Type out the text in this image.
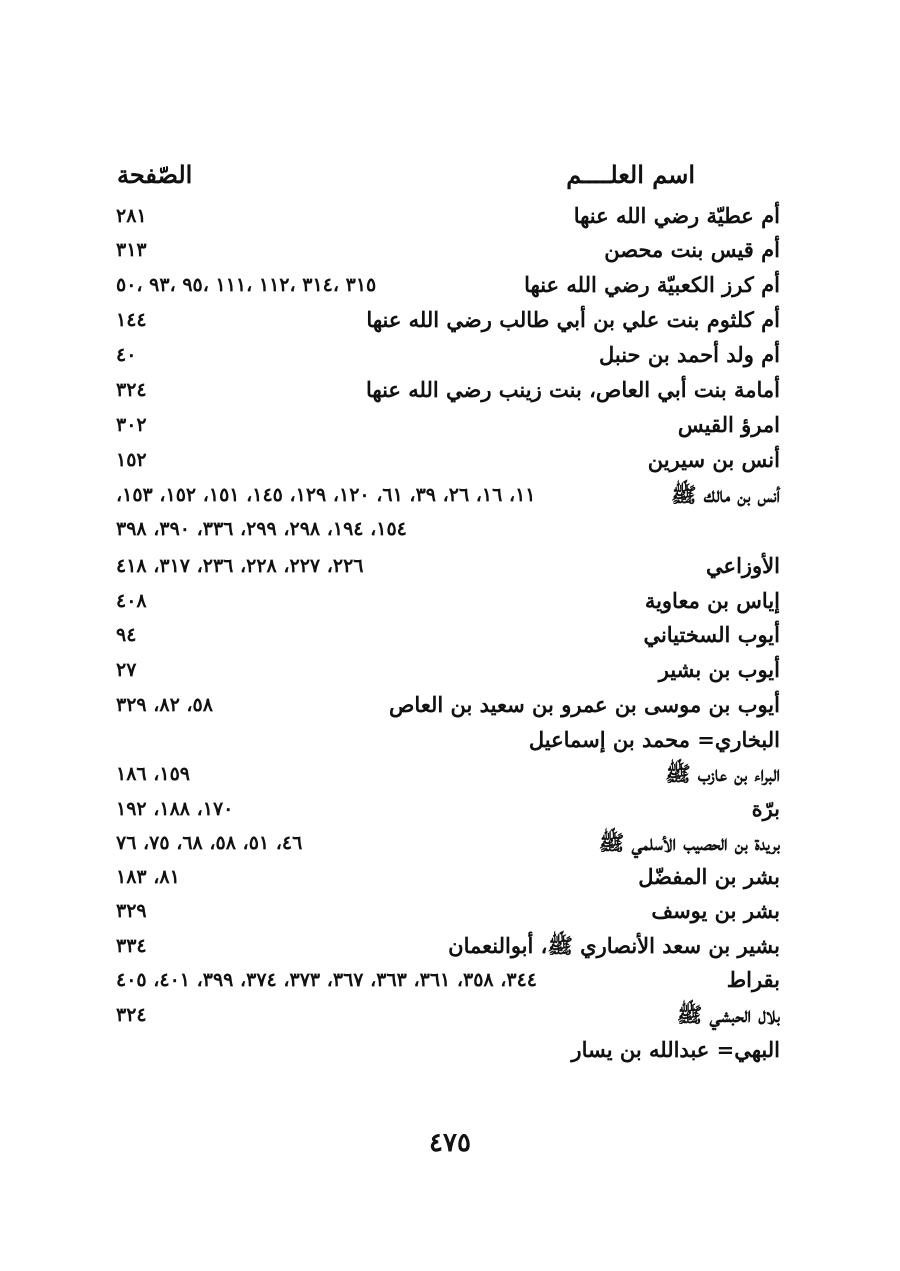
اسم العلــــم
الصّفحة
أم عطيّة رضي الله عنها
٢٨١
أم قيس بنت محصن
٣١٣
أم كرز الكعبيّة رضي الله عنها
٣١٥ ،٣١٤ ،١١٢ ،١١١ ،٩٥ ،٩٣ ،٥٠
أم كلثوم بنت علي بن أبي طالب رضي الله عنها
١٤٤
أم ولد أحمد بن حنبل
٤٠
أمامة بنت أبي العاص، بنت زينب رضي الله عنها
٣٢٤
امرؤ القيس
٣٠٢
أنس بن سيرين
١٥٢
أنس بن مالك ﷺ
١١، ١٦، ٢٦، ٣٩، ٦١، ١٢٠، ١٢٩، ١٤٥، ١٥١، ١٥٢، ١٥٣،
١٥٤، ١٩٤، ٢٩٨، ٢٩٩، ٣٣٦، ٣٩٠، ٣٩٨
الأوزاعي
٢٢٦، ٢٢٧، ٢٢٨، ٢٣٦، ٣١٧، ٤١٨
إياس بن معاوية
٤٠٨
أيوب السختياني
٩٤
أيوب بن بشير
٢٧
أيوب بن موسى بن عمرو بن سعيد بن العاص
٥٨، ٨٢، ٣٢٩
البخاري= محمد بن إسماعيل
البراء بن عازب ﷺ
١٥٩، ١٨٦
برّة
١٧٠، ١٨٨، ١٩٢
بريدة بن الحصيب الأسلمي ﷺ
٤٦، ٥١، ٥٨، ٦٨، ٧٥، ٧٦
بشر بن المفضّل
٨١، ١٨٣
بشر بن يوسف
٣٢٩
بشير بن سعد الأنصاري ﷺ، أبوالنعمان
٣٣٤
بقراط
٣٤٤، ٣٥٨، ٣٦١، ٣٦٣، ٣٦٧، ٣٧٣، ٣٧٤، ٣٩٩، ٤٠١، ٤٠٥
بلال الحبشي ﷺ
٣٢٤
البهي= عبدالله بن يسار
٤٧٥
